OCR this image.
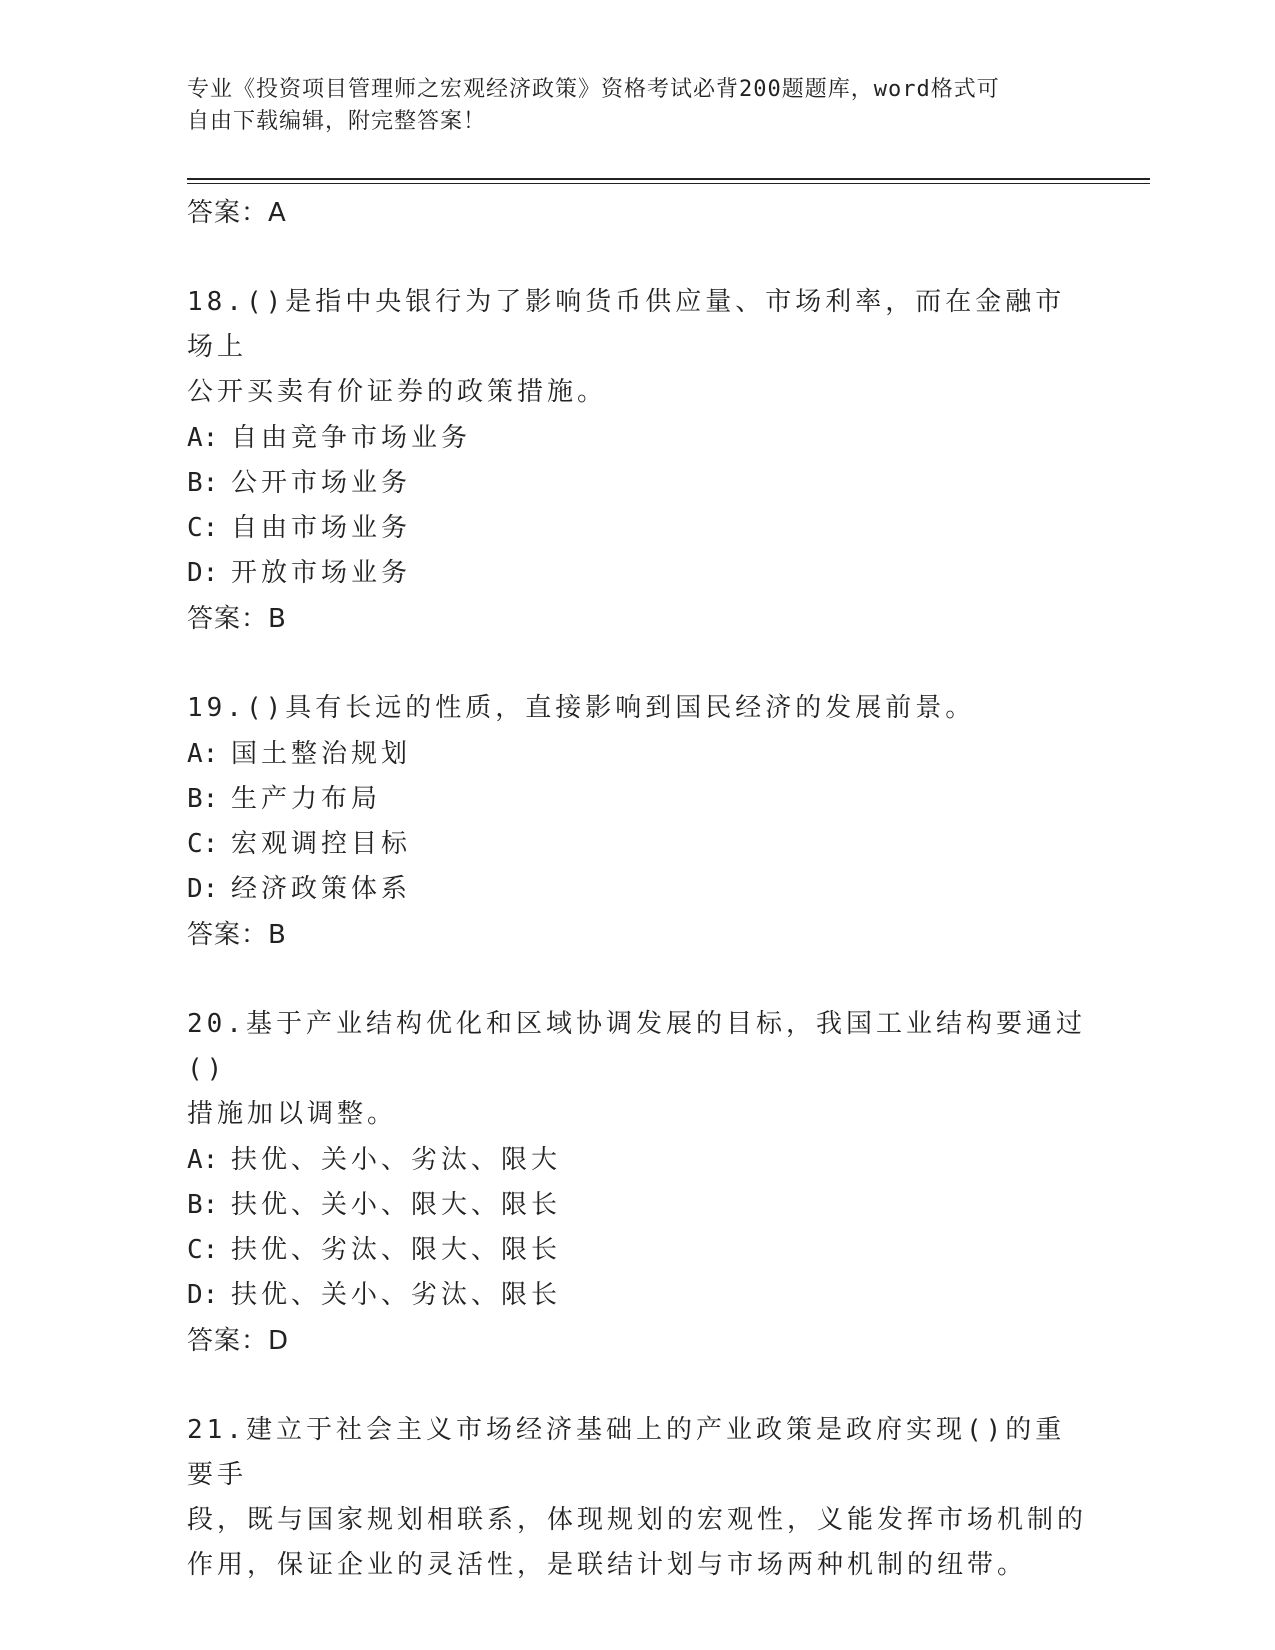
专业《投资项目管理师之宏观经济政策》资格考试必背200题题库，word格式可
自由下载编辑，附完整答案！
答案：A
18.()是指中央银行为了影响货币供应量、市场利率，而在金融市场上
公开买卖有价证券的政策措施。
A: 自由竞争市场业务
B: 公开市场业务
C: 自由市场业务
D: 开放市场业务
答案：B
19.()具有长远的性质，直接影响到国民经济的发展前景。
A: 国土整治规划
B: 生产力布局
C: 宏观调控目标
D: 经济政策体系
答案：B
20.基于产业结构优化和区域协调发展的目标，我国工业结构要通过()
措施加以调整。
A: 扶优、关小、劣汰、限大
B: 扶优、关小、限大、限长
C: 扶优、劣汰、限大、限长
D: 扶优、关小、劣汰、限长
答案：D
21.建立于社会主义市场经济基础上的产业政策是政府实现()的重要手
段，既与国家规划相联系，体现规划的宏观性，义能发挥市场机制的
作用，保证企业的灵活性，是联结计划与市场两种机制的纽带。
